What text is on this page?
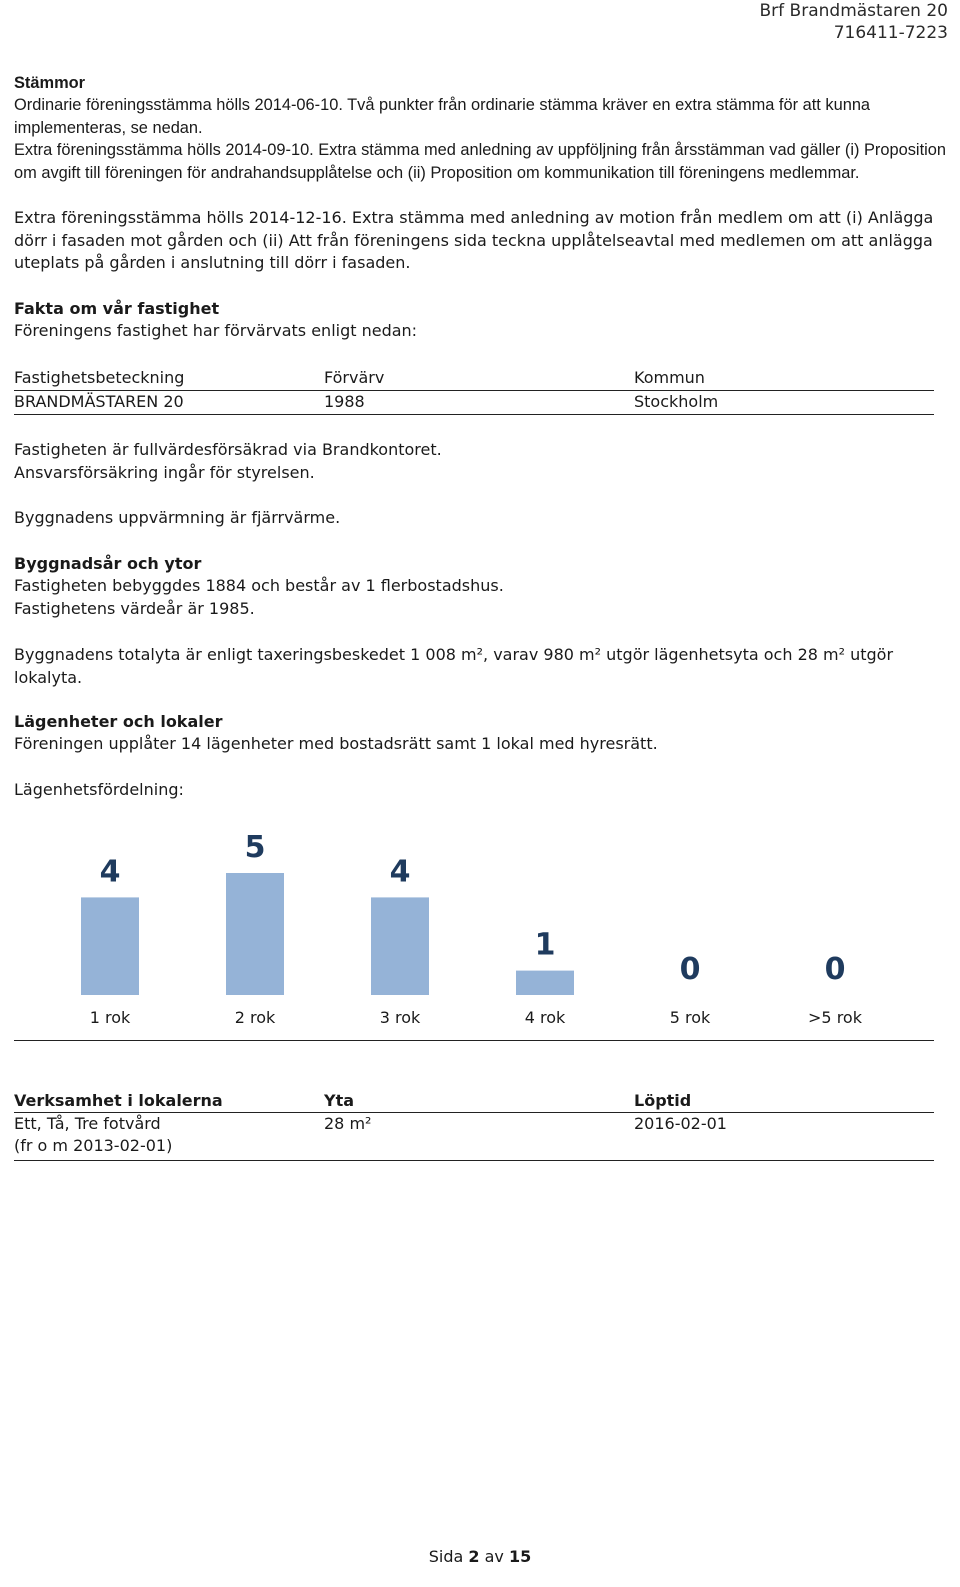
Brf Brandmästaren 20
716411-7223
Stämmor

Ordinarie föreningsstämma hölls 2014-06-10. Två punkter från ordinarie stämma kräver en extra stämma för att kunna implementeras, se nedan.

Extra föreningsstämma hölls 2014-09-10. Extra stämma med anledning av uppföljning från årsstämman vad gäller (i) Proposition om avgift till föreningen för andrahandsupplåtelse och (ii) Proposition om kommunikation till föreningens medlemmar.

Extra föreningsstämma hölls 2014-12-16. Extra stämma med anledning av motion från medlem om att (i) Anlägga dörr i fasaden mot gården och (ii) Att från föreningens sida teckna upplåtelseavtal med medlemen om att anlägga uteplats på gården i anslutning till dörr i fasaden.

Fakta om vår fastighet

Föreningens fastighet har förvärvats enligt nedan:

Fastighetsbeteckning	Förvärv	Kommun
BRANDMÄSTAREN 20	1988	Stockholm

Fastigheten är fullvärdesförsäkrad via Brandkontoret.

Ansvarsförsäkring ingår för styrelsen.

Byggnadens uppvärmning är fjärrvärme.

Byggnadsår och ytor

Fastigheten bebyggdes 1884 och består av 1 flerbostadshus.

Fastighetens värdeår är 1985.

Byggnadens totalyta är enligt taxeringsbeskedet 1 008 m², varav 980 m² utgör lägenhetsyta och 28 m² utgör lokalyta.

Lägenheter och lokaler

Föreningen upplåter 14 lägenheter med bostadsrätt samt 1 lokal med hyresrätt.

Lägenhetsfördelning:

4
1 rok
5
2 rok
4
3 rok
1
4 rok
0
5 rok
0
>5 rok
Verksamhet i lokalerna	Yta	Löptid
Ett, Tå, Tre fotvård
(fr o m 2013-02-01)
28 m²	2016-02-01
Sida 2 av 15
